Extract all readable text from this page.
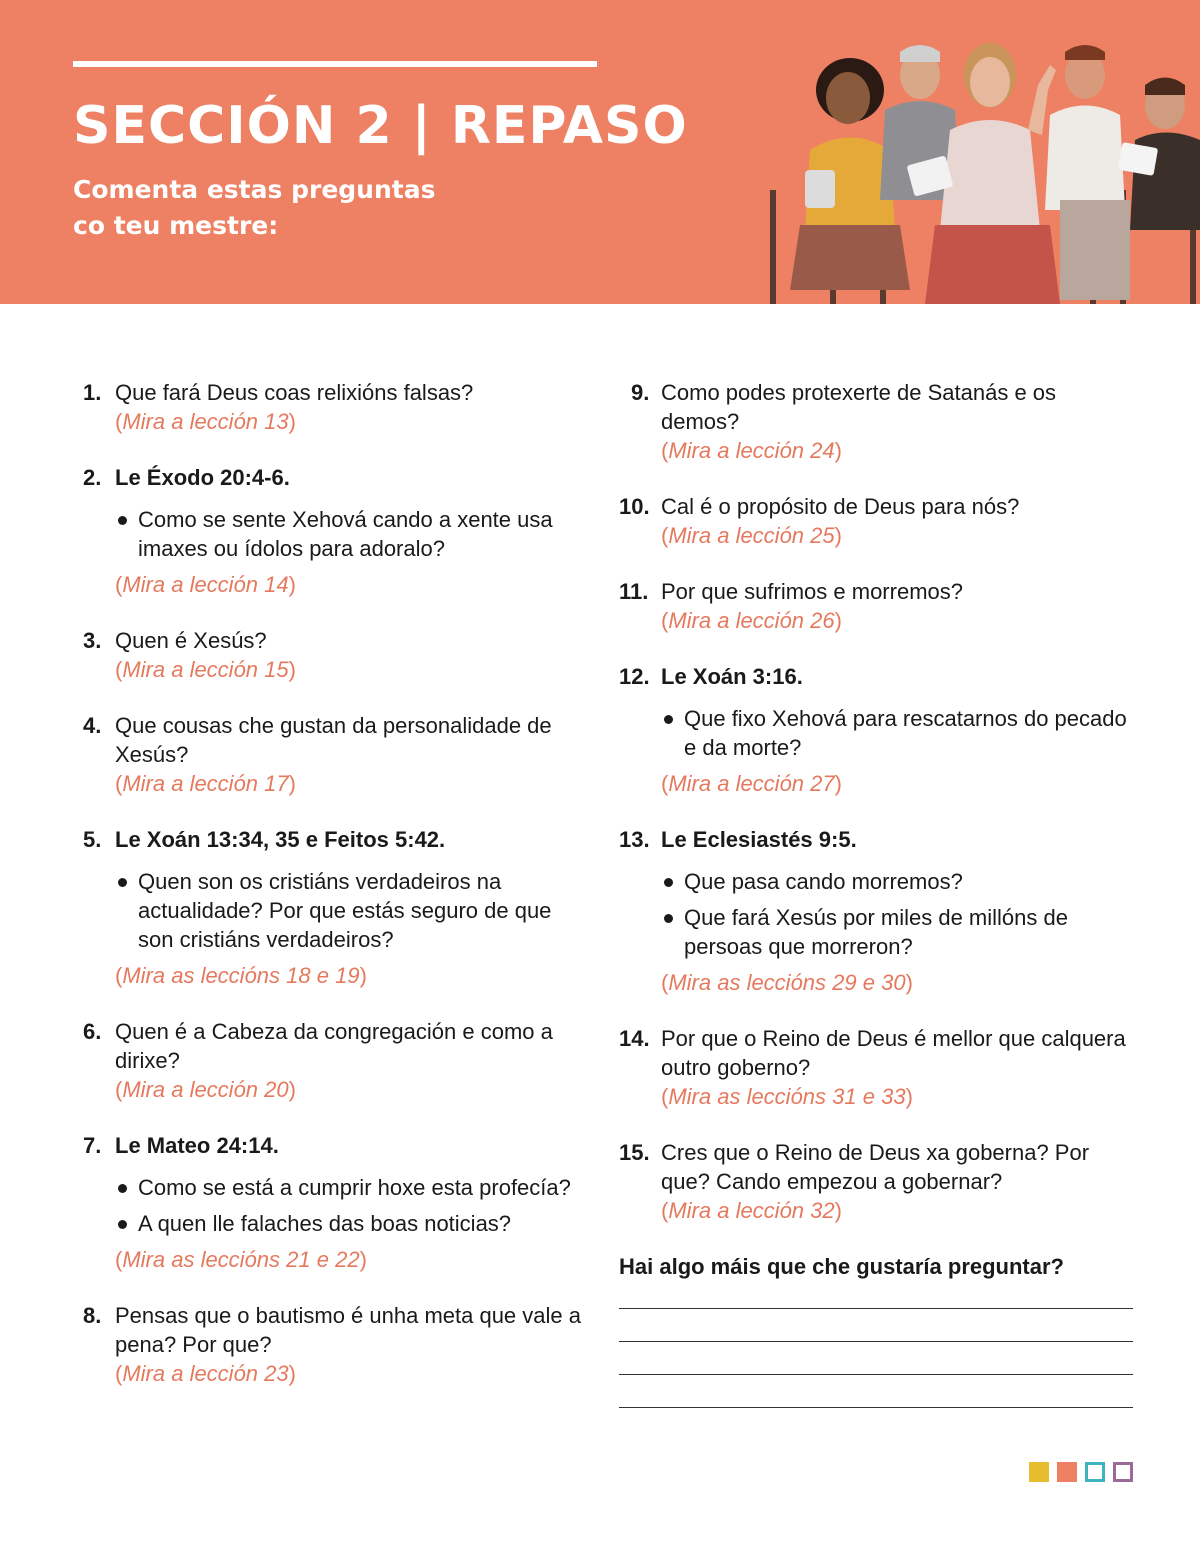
SECCIÓN 2 | REPASO
Comenta estas preguntas
co teu mestre:
1. Que fará Deus coas relixións falsas?
(Mira a lección 13)
2. Le Éxodo 20:4-6.
Como se sente Xehová cando a xente usa imaxes ou ídolos para adoralo?
(Mira a lección 14)
3. Quen é Xesús?
(Mira a lección 15)
4. Que cousas che gustan da personalidade de Xesús?
(Mira a lección 17)
5. Le Xoán 13:34, 35 e Feitos 5:42.
Quen son os cristiáns verdadeiros na actualidade? Por que estás seguro de que son cristiáns verdadeiros?
(Mira as leccións 18 e 19)
6. Quen é a Cabeza da congregación e como a dirixe?
(Mira a lección 20)
7. Le Mateo 24:14.
Como se está a cumprir hoxe esta profecía?
A quen lle falaches das boas noticias?
(Mira as leccións 21 e 22)
8. Pensas que o bautismo é unha meta que vale a pena? Por que?
(Mira a lección 23)
9. Como podes protexerte de Satanás e os demos?
(Mira a lección 24)
10. Cal é o propósito de Deus para nós?
(Mira a lección 25)
11. Por que sufrimos e morremos?
(Mira a lección 26)
12. Le Xoán 3:16.
Que fixo Xehová para rescatarnos do pecado e da morte?
(Mira a lección 27)
13. Le Eclesiastés 9:5.
Que pasa cando morremos?
Que fará Xesús por miles de millóns de persoas que morreron?
(Mira as leccións 29 e 30)
14. Por que o Reino de Deus é mellor que calquera outro goberno?
(Mira as leccións 31 e 33)
15. Cres que o Reino de Deus xa goberna? Por que? Cando empezou a gobernar?
(Mira a lección 32)
Hai algo máis que che gustaría preguntar?
